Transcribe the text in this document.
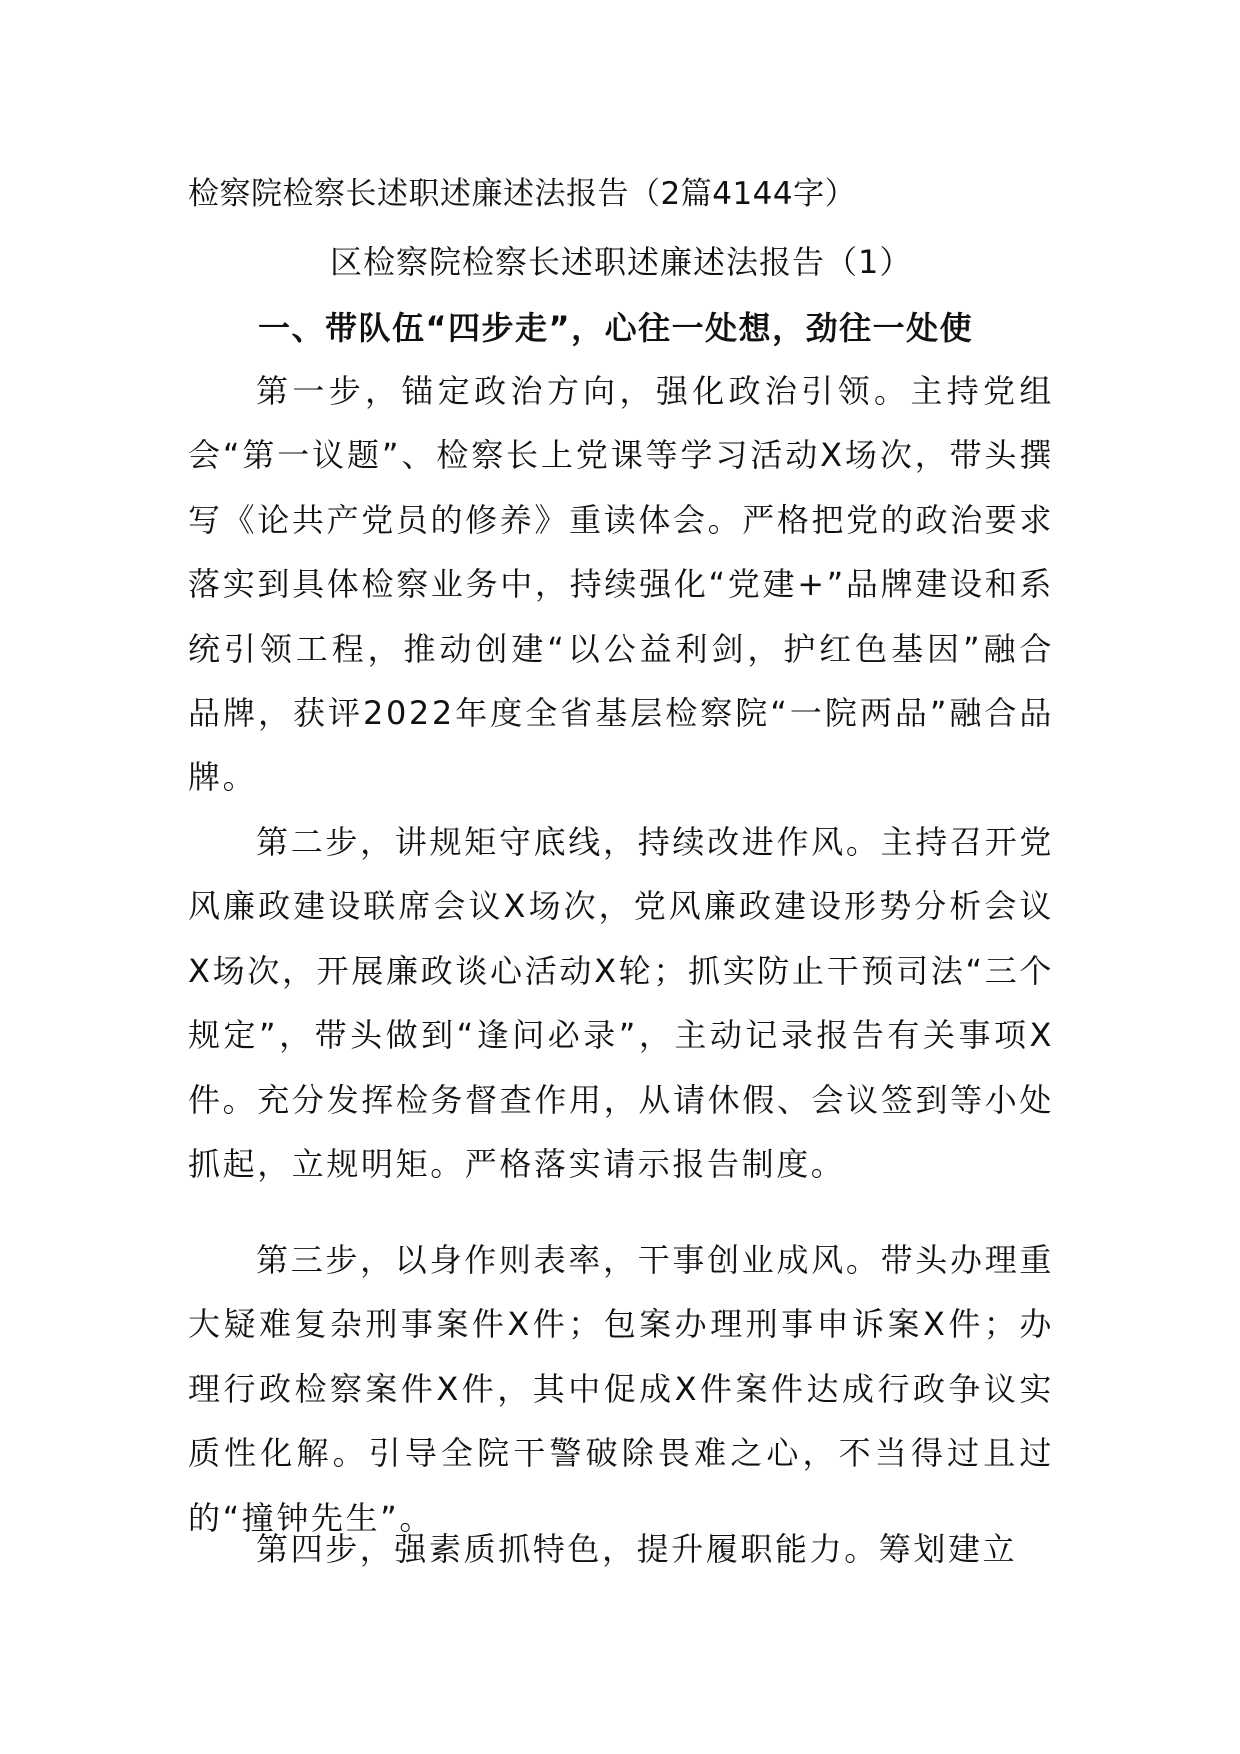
检察院检察长述职述廉述法报告（2篇4144字）
区检察院检察长述职述廉述法报告（1）
一、带队伍“四步走”，心往一处想，劲往一处使

第一步，锚定政治方向，强化政治引领。主持党组会“第一议题”、检察长上党课等学习活动X场次，带头撰写《论共产党员的修养》重读体会。严格把党的政治要求落实到具体检察业务中，持续强化“党建+”品牌建设和系统引领工程，推动创建“以公益利剑，护红色基因”融合品牌，获评2022年度全省基层检察院“一院两品”融合品牌。

第二步，讲规矩守底线，持续改进作风。主持召开党风廉政建设联席会议X场次，党风廉政建设形势分析会议X场次，开展廉政谈心活动X轮；抓实防止干预司法“三个规定”，带头做到“逢问必录”，主动记录报告有关事项X件。充分发挥检务督查作用，从请休假、会议签到等小处抓起，立规明矩。严格落实请示报告制度。

第三步，以身作则表率，干事创业成风。带头办理重大疑难复杂刑事案件X件；包案办理刑事申诉案X件；办理行政检察案件X件，其中促成X件案件达成行政争议实质性化解。引导全院干警破除畏难之心，不当得过且过的“撞钟先生”。

第四步，强素质抓特色，提升履职能力。筹划建立
